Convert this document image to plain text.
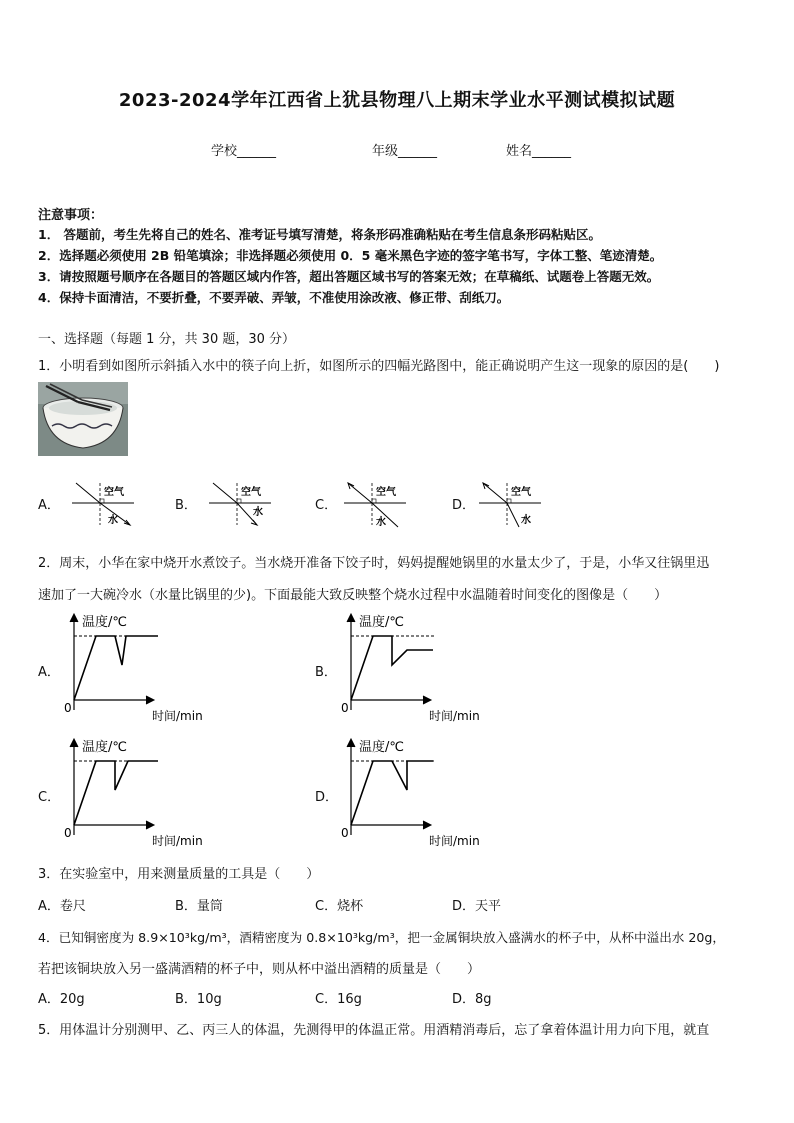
2023-2024学年江西省上犹县物理八上期末学业水平测试模拟试题
学校______	年级______	姓名______
注意事项：
1． 答题前，考生先将自己的姓名、准考证号填写清楚，将条形码准确粘贴在考生信息条形码粘贴区。
2．选择题必须使用 2B 铅笔填涂；非选择题必须使用 0．5 毫米黑色字迹的签字笔书写，字体工整、笔迹清楚。
3．请按照题号顺序在各题目的答题区域内作答，超出答题区域书写的答案无效；在草稿纸、试题卷上答题无效。
4．保持卡面清洁，不要折叠，不要弄破、弄皱，不准使用涂改液、修正带、刮纸刀。
一、选择题（每题 1 分，共 30 题，30 分）
1．小明看到如图所示斜插入水中的筷子向上折，如图所示的四幅光路图中，能正确说明产生这一现象的原因的是(　　)
A．
空气
水
B．
空气
水	C．
空气
水
D．
空气
水
2．周末，小华在家中烧开水煮饺子。当水烧开准备下饺子时，妈妈提醒她锅里的水量太少了，于是，小华又往锅里迅
速加了一大碗冷水（水量比锅里的少)。下面最能大致反映整个烧水过程中水温随着时间变化的图像是（　　）
A．
温度/℃
0
时间/min
B．
温度/℃
0
时间/min
C．
温度/℃
0
时间/min
D．
温度/℃
0
时间/min
3．在实验室中，用来测量质量的工具是（　　）
A．卷尺	B．量筒	C．烧杯	D．天平
4．已知铜密度为 8.9×10³kg/m³，酒精密度为 0.8×10³kg/m³，把一金属铜块放入盛满水的杯子中，从杯中溢出水 20g，
若把该铜块放入另一盛满酒精的杯子中，则从杯中溢出酒精的质量是（　　）
A．20g	B．10g	C．16g	D．8g
5．用体温计分别测甲、乙、丙三人的体温，先测得甲的体温正常。用酒精消毒后，忘了拿着体温计用力向下甩，就直
